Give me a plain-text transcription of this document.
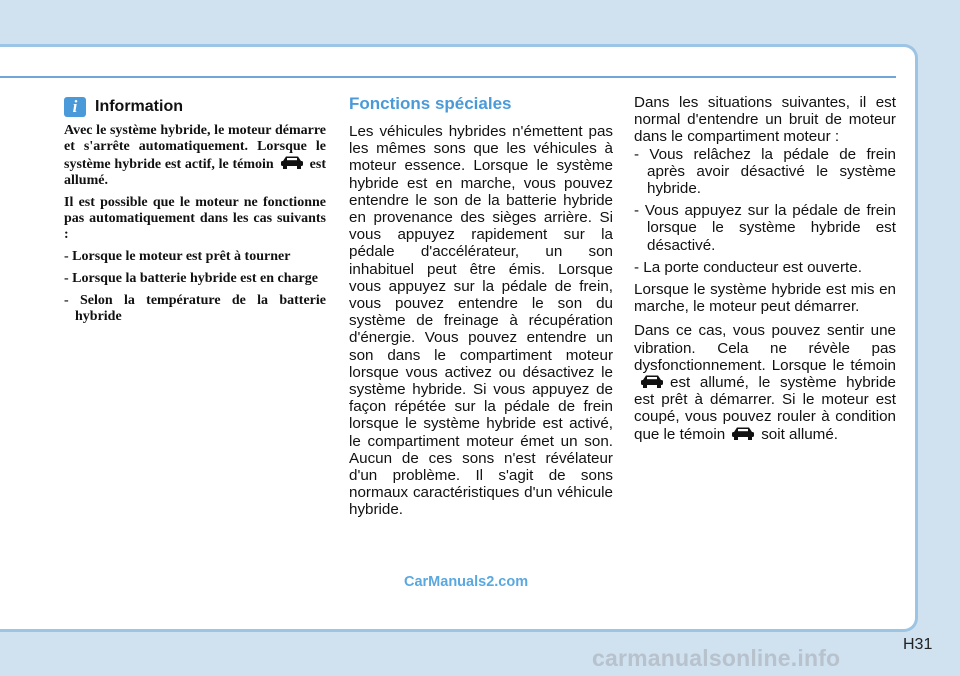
i	Information

Avec le système hybride, le moteur démarre et s'arrête automatiquement. Lorsque le système hybride est actif, le témoin	est allumé.

Il est possible que le moteur ne fonctionne pas automatiquement dans les cas suivants :

- Lorsque le moteur est prêt à tourner
- Lorsque la batterie hybride est en charge
- Selon la température de la batterie hybride
Fonctions spéciales

Les véhicules hybrides n'émettent pas les mêmes sons que les véhicules à moteur essence. Lorsque le système hybride est en marche, vous pouvez entendre le son de la batterie hybride en provenance des sièges arrière. Si vous appuyez rapidement sur la pédale d'accélérateur, un son inhabituel peut être émis. Lorsque vous appuyez sur la pédale de frein, vous pouvez entendre le son du système de freinage à récupération d'énergie. Vous pouvez entendre un son dans le compartiment moteur lorsque vous activez ou désactivez le système hybride. Si vous appuyez de façon répétée sur la pédale de frein lorsque le système hybride est activé, le compartiment moteur émet un son. Aucun de ces sons n'est révélateur d'un problème. Il s'agit de sons normaux caractéristiques d'un véhicule hybride.

Dans les situations suivantes, il est normal d'entendre un bruit de moteur dans le compartiment moteur :

- Vous relâchez la pédale de frein après avoir désactivé le système hybride.
- Vous appuyez sur la pédale de frein lorsque le système hybride est désactivé.
- La porte conducteur est ouverte.

Lorsque le système hybride est mis en marche, le moteur peut démarrer.

Dans ce cas, vous pouvez sentir une vibration. Cela ne révèle pas dysfonctionnement. Lorsque le témoinest allumé, le système hybride est prêt à démarrer. Si le moteur est coupé, vous pouvez rouler à condition que le témoin soit allumé.

CarManuals2.com
H31
carmanualsonline.info
